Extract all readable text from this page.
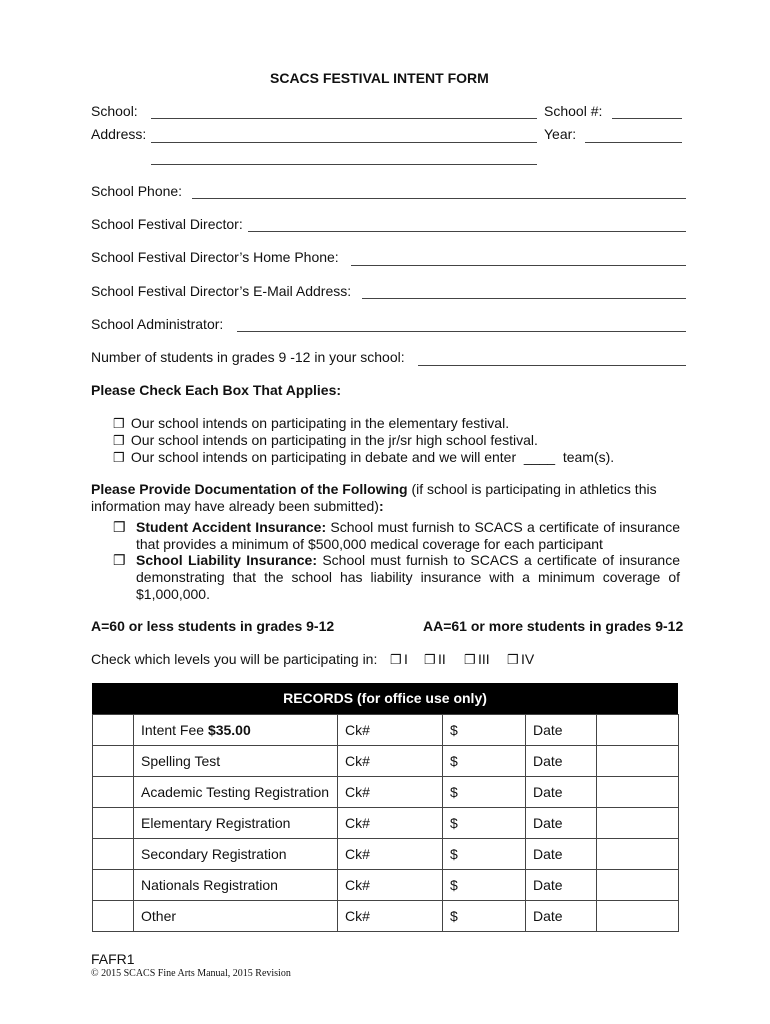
SCACS FESTIVAL INTENT FORM
School:	School #:
Address:	Year:
School Phone:
School Festival Director:
School Festival Director’s Home Phone:
School Festival Director’s E-Mail Address:
School Administrator:
Number of students in grades 9 -12 in your school:
Please Check Each Box That Applies:
❒ Our school intends on participating in the elementary festival.
❒ Our school intends on participating in the jr/sr high school festival.
❒ Our school intends on participating in debate and we will enter  ____  team(s).
Please Provide Documentation of the Following (if school is participating in athletics this information may have already been submitted):
❒ Student Accident Insurance: School must furnish to SCACS a certificate of insurance that provides a minimum of $500,000 medical coverage for each participant
❒ School Liability Insurance: School must furnish to SCACS a certificate of insurance demonstrating that the school has liability insurance with a minimum coverage of $1,000,000.
A=60 or less students in grades 9-12	AA=61 or more students in grades 9-12
Check which levels you will be participating in: ❒ I ❒ II ❒ III ❒ IV
RECORDS (for office use only)
	Intent Fee $35.00	Ck#	$	Date	
	Spelling Test	Ck#	$	Date	
	Academic Testing Registration	Ck#	$	Date	
	Elementary Registration	Ck#	$	Date	
	Secondary Registration	Ck#	$	Date	
	Nationals Registration	Ck#	$	Date	
	Other	Ck#	$	Date	
FAFR1
© 2015 SCACS Fine Arts Manual, 2015 Revision
